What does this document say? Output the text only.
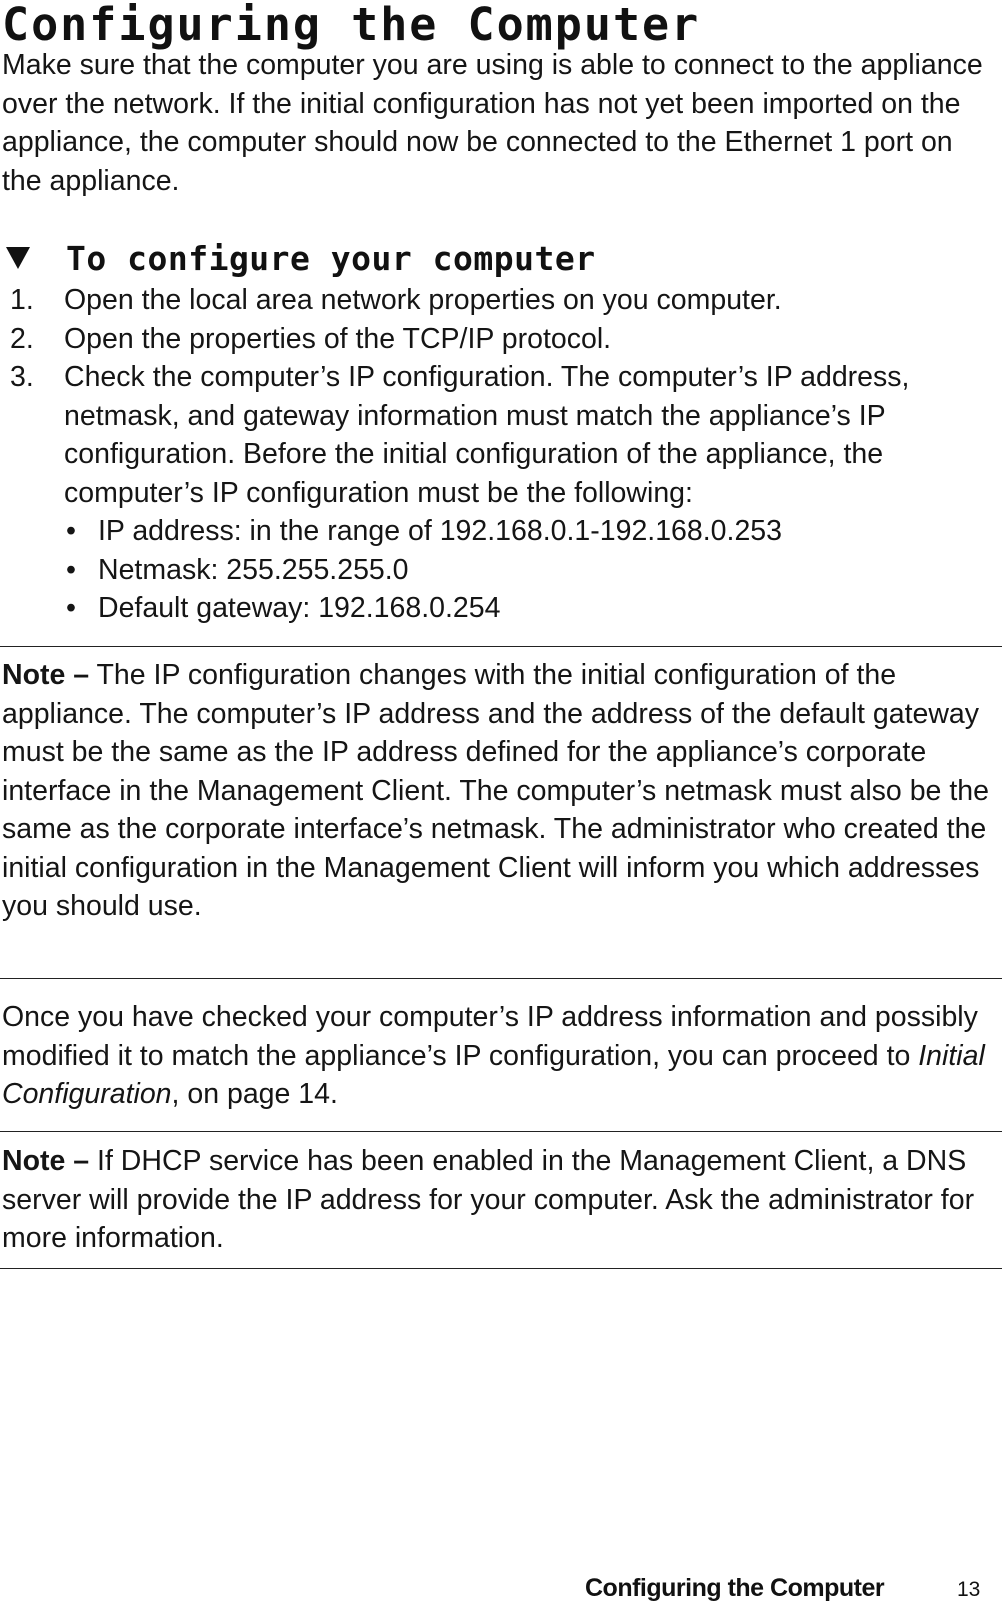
Configuring the Computer

Make sure that the computer you are using is able to connect to the appliance over the network. If the initial configuration has not yet been imported on the appliance, the computer should now be connected to the Ethernet 1 port on the appliance.

To configure your computer
1. Open the local area network properties on you computer.
2. Open the properties of the TCP/IP protocol.
3. Check the computer’s IP configuration. The computer’s IP address, netmask, and gateway information must match the appliance’s IP configuration. Before the initial configuration of the appliance, the computer’s IP configuration must be the following:
• IP address: in the range of 192.168.0.1-192.168.0.253
• Netmask: 255.255.255.0
• Default gateway: 192.168.0.254

Note – The IP configuration changes with the initial configuration of the appliance. The computer’s IP address and the address of the default gateway must be the same as the IP address defined for the appliance’s corporate interface in the Management Client. The computer’s netmask must also be the same as the corporate interface’s netmask. The administrator who created the initial configuration in the Management Client will inform you which addresses you should use.

Once you have checked your computer’s IP address information and possibly modified it to match the appliance’s IP configuration, you can proceed to Initial Configuration, on page 14.

Note – If DHCP service has been enabled in the Management Client, a DNS server will provide the IP address for your computer. Ask the administrator for more information.

Configuring the Computer	13
